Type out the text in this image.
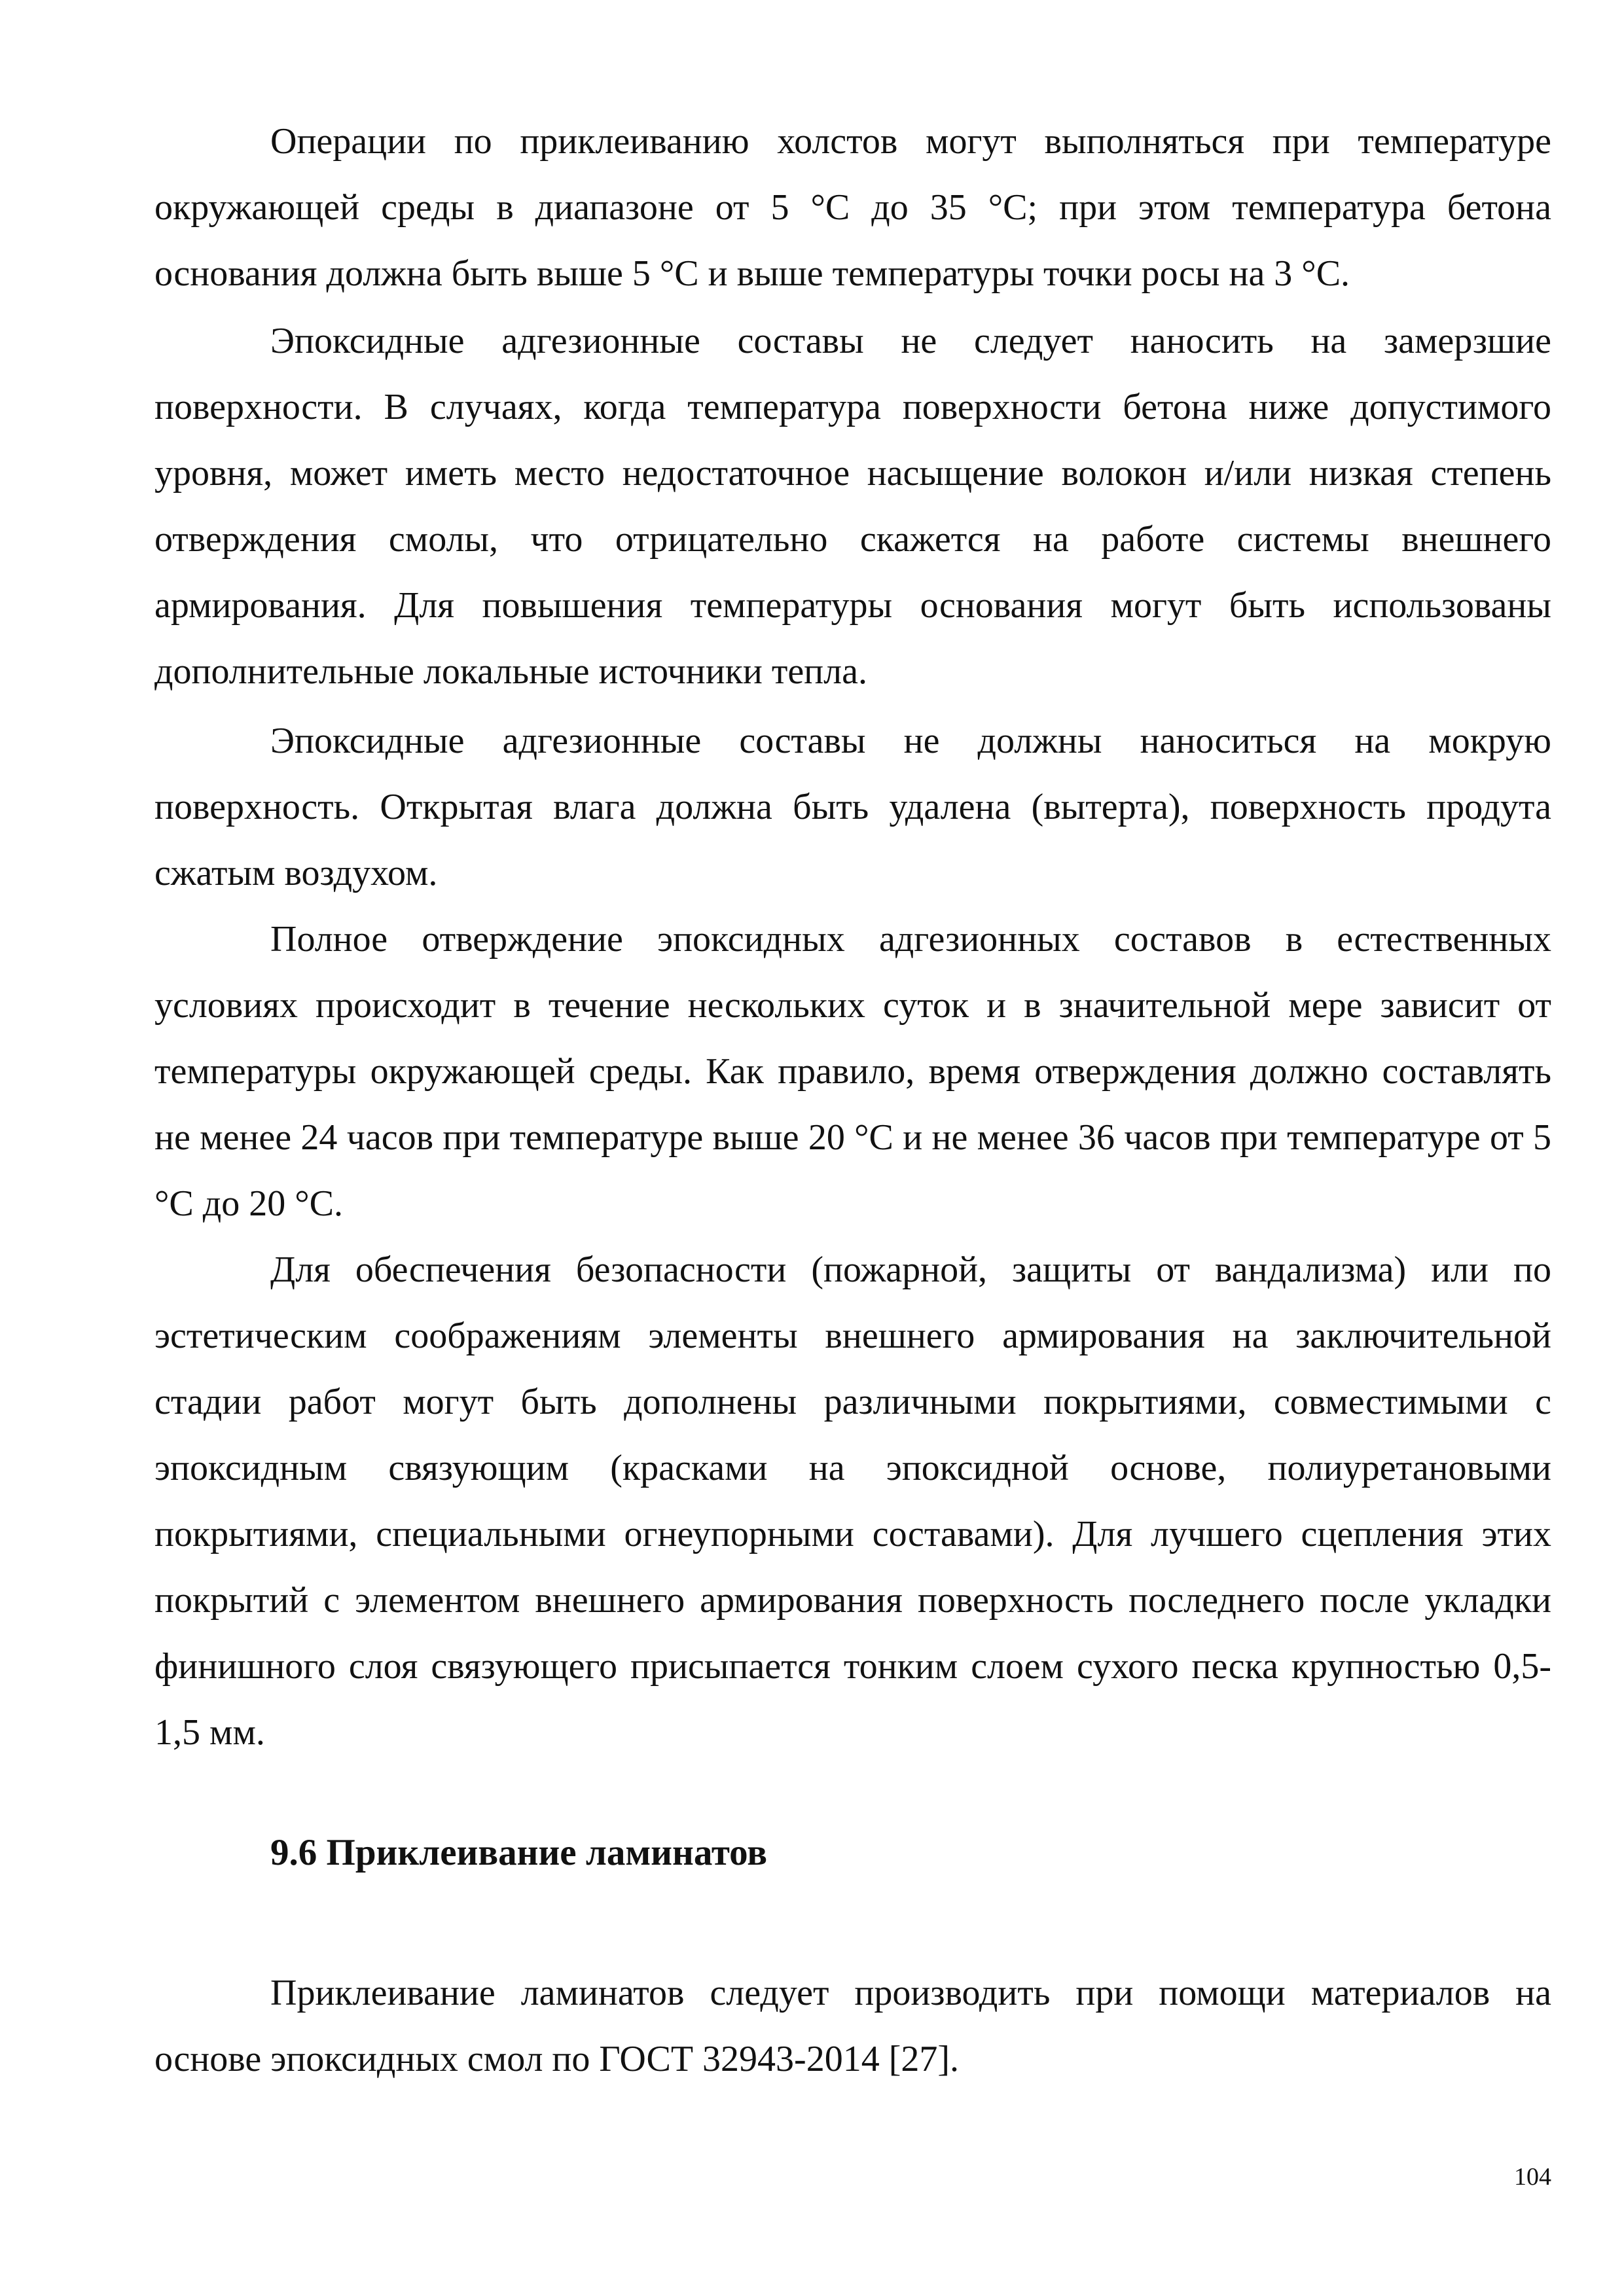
Операции по приклеиванию холстов могут выполняться при температуре окружающей среды в диапазоне от 5 °С до 35 °С; при этом температура бетона основания должна быть выше 5 °С и выше температуры точки росы на 3 °С.

Эпоксидные адгезионные составы не следует наносить на замерзшие поверхности. В случаях, когда температура поверхности бетона ниже допустимого уровня, может иметь место недостаточное насыщение волокон и/или низкая степень отверждения смолы, что отрицательно скажется на работе системы внешнего армирования. Для повышения температуры основания могут быть использованы дополнительные локальные источники тепла.

Эпоксидные адгезионные составы не должны наноситься на мокрую поверхность. Открытая влага должна быть удалена (вытерта), поверхность продута сжатым воздухом.

Полное отверждение эпоксидных адгезионных составов в естественных условиях происходит в течение нескольких суток и в значительной мере зависит от температуры окружающей среды. Как правило, время отверждения должно составлять не менее 24 часов при температуре выше 20 °С и не менее 36 часов при температуре от 5 °С до 20 °С.

Для обеспечения безопасности (пожарной, защиты от вандализма) или по эстетическим соображениям элементы внешнего армирования на заключительной стадии работ могут быть дополнены различными покрытиями, совместимыми с эпоксидным связующим (красками на эпоксидной основе, полиуретановыми покрытиями, специальными огнеупорными составами). Для лучшего сцепления этих покрытий с элементом внешнего армирования поверхность последнего после укладки финишного слоя связующего присыпается тонким слоем сухого песка крупностью 0,5-1,5 мм.

9.6 Приклеивание ламинатов

Приклеивание ламинатов следует производить при помощи материалов на основе эпоксидных смол по ГОСТ 32943-2014 [27].

104
